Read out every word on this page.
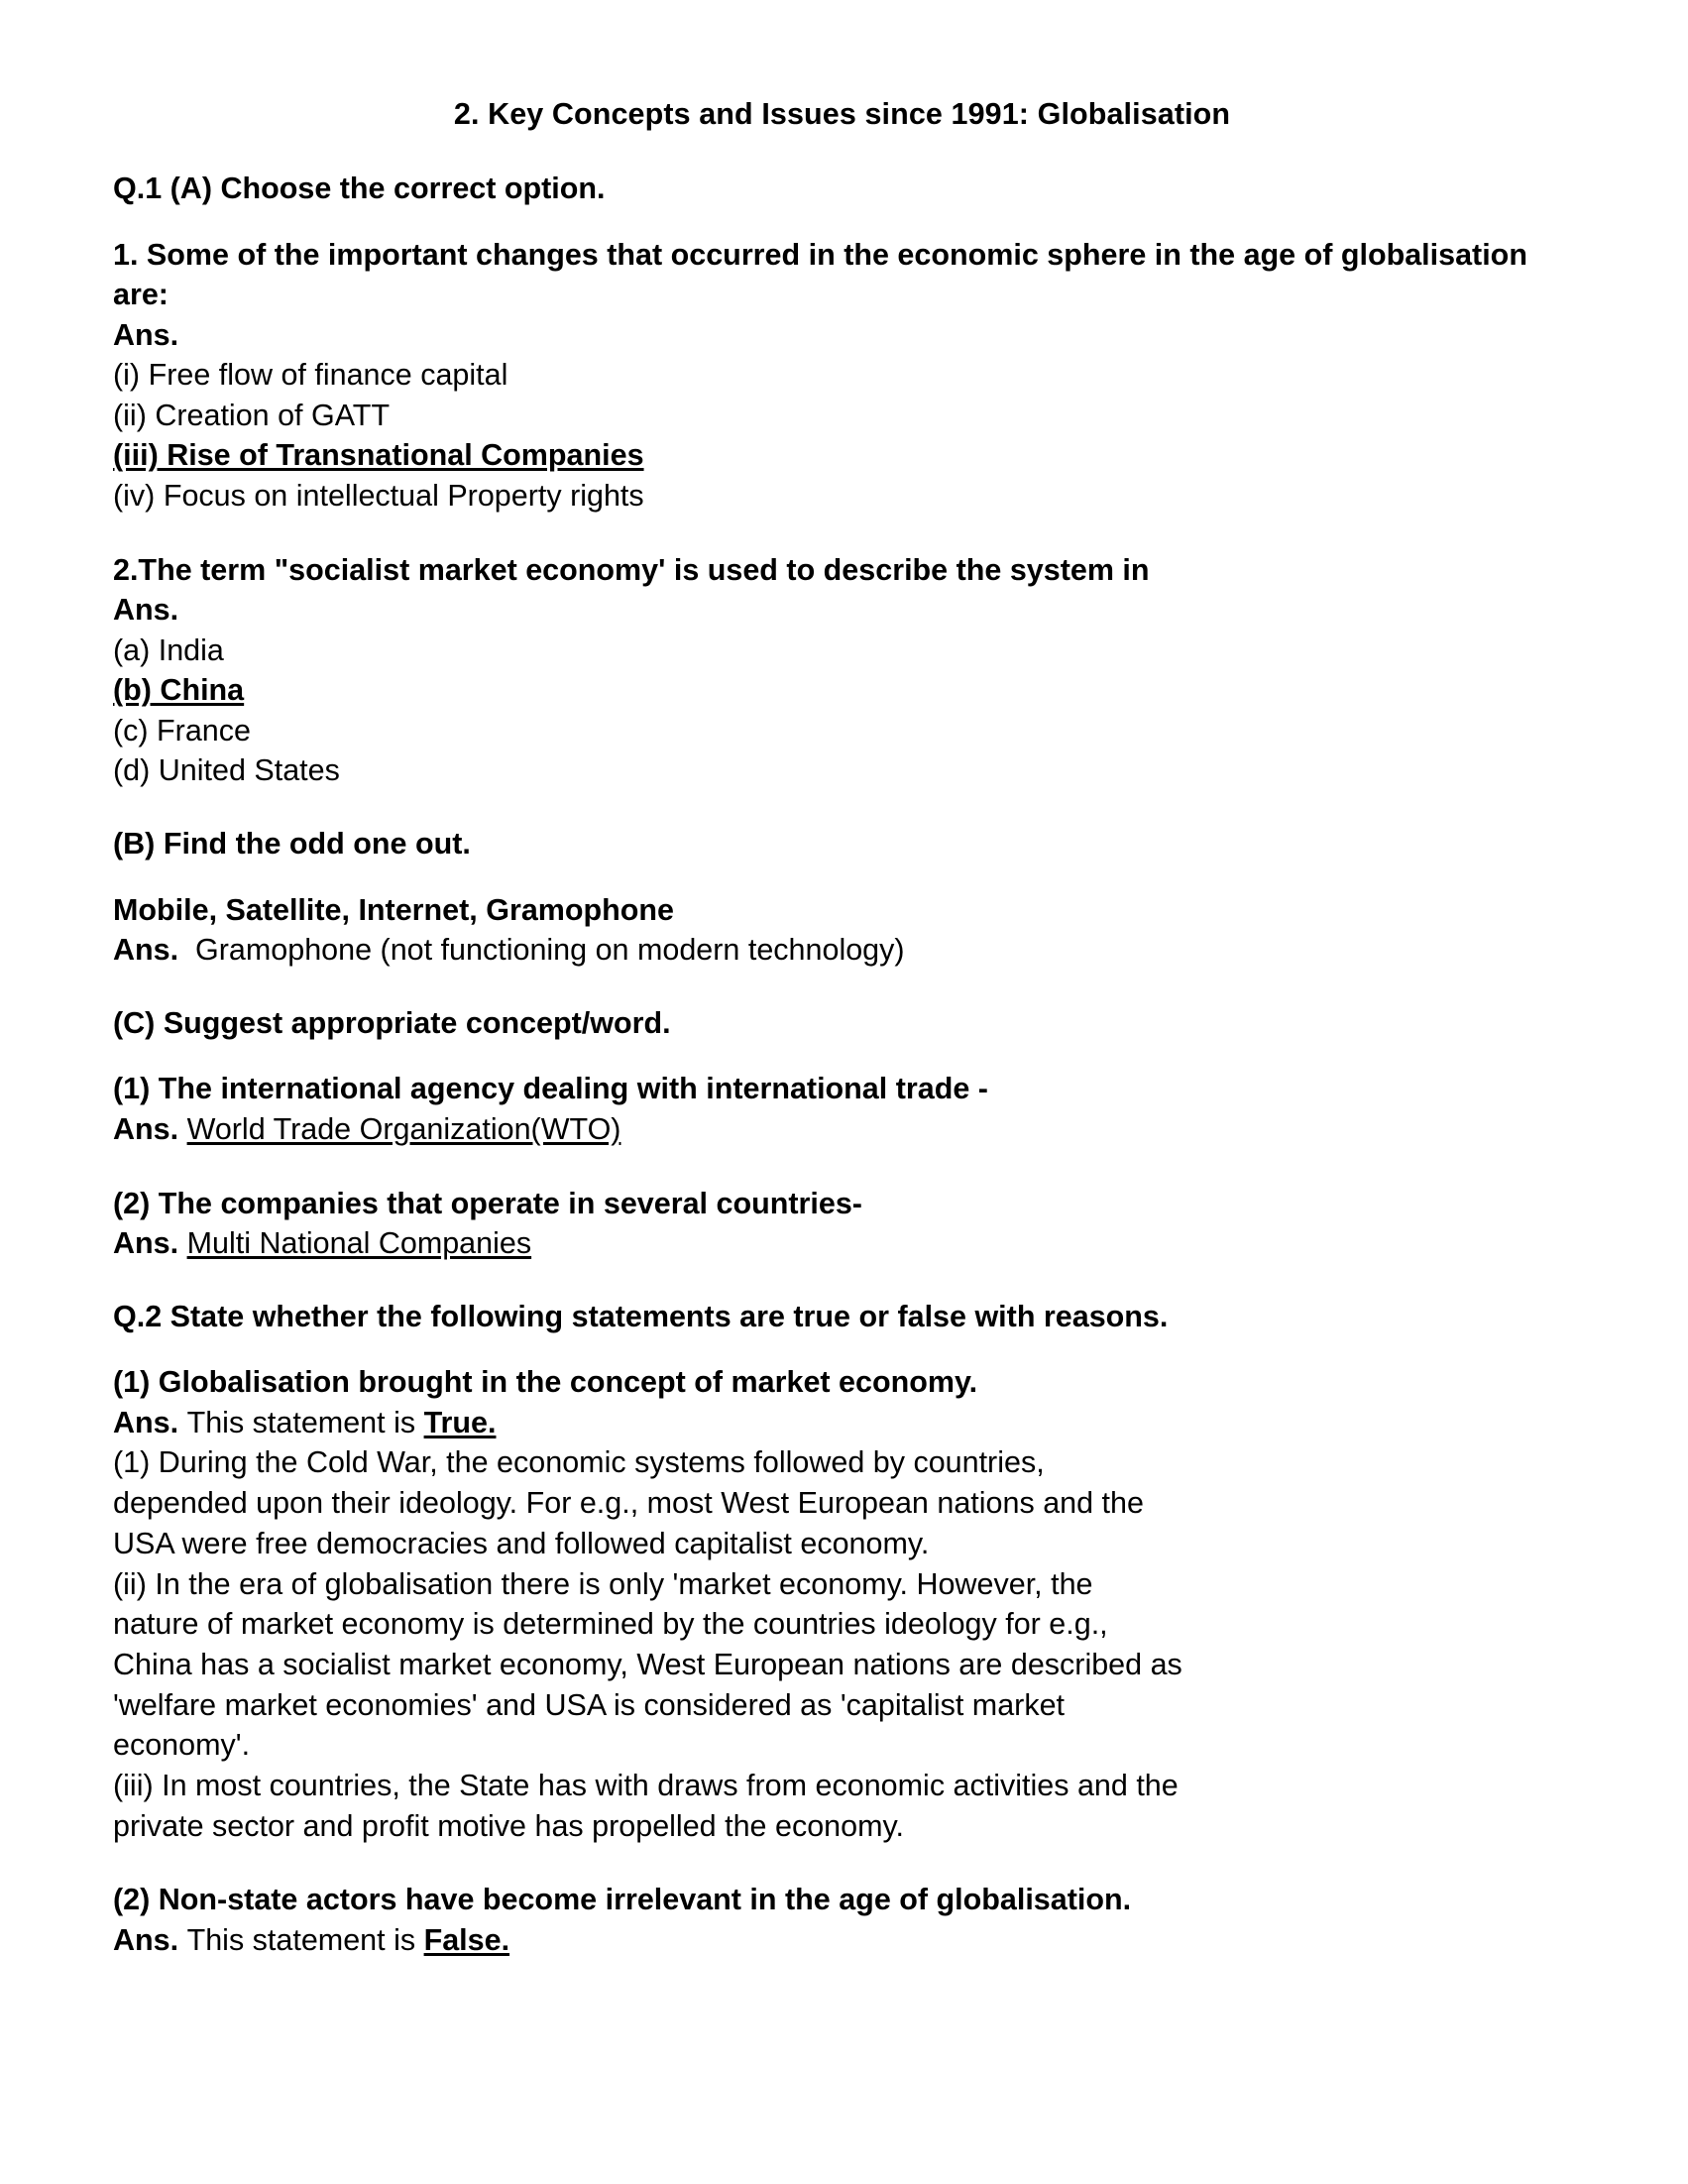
2. Key Concepts and Issues since 1991: Globalisation

Q.1 (A) Choose the correct option.

1. Some of the important changes that occurred in the economic sphere in the age of globalisation are:

Ans.

(i) Free flow of finance capital

(ii) Creation of GATT

(iii) Rise of Transnational Companies

(iv) Focus on intellectual Property rights

2.The term "socialist market economy' is used to describe the system in

Ans.

(a) India

(b) China

(c) France

(d) United States

(B) Find the odd one out.

Mobile, Satellite, Internet, Gramophone

Ans. Gramophone (not functioning on modern technology)

(C) Suggest appropriate concept/word.

(1) The international agency dealing with international trade -

Ans. World Trade Organization(WTO)

(2) The companies that operate in several countries-

Ans. Multi National Companies

Q.2 State whether the following statements are true or false with reasons.

(1) Globalisation brought in the concept of market economy.

Ans. This statement is True.

(1) During the Cold War, the economic systems followed by countries, depended upon their ideology. For e.g., most West European nations and the USA were free democracies and followed capitalist economy.

(ii) In the era of globalisation there is only 'market economy. However, the nature of market economy is determined by the countries ideology for e.g., China has a socialist market economy, West European nations are described as 'welfare market economies' and USA is considered as 'capitalist market economy'.

(iii) In most countries, the State has with draws from economic activities and the private sector and profit motive has propelled the economy.

(2) Non-state actors have become irrelevant in the age of globalisation.

Ans. This statement is False.
